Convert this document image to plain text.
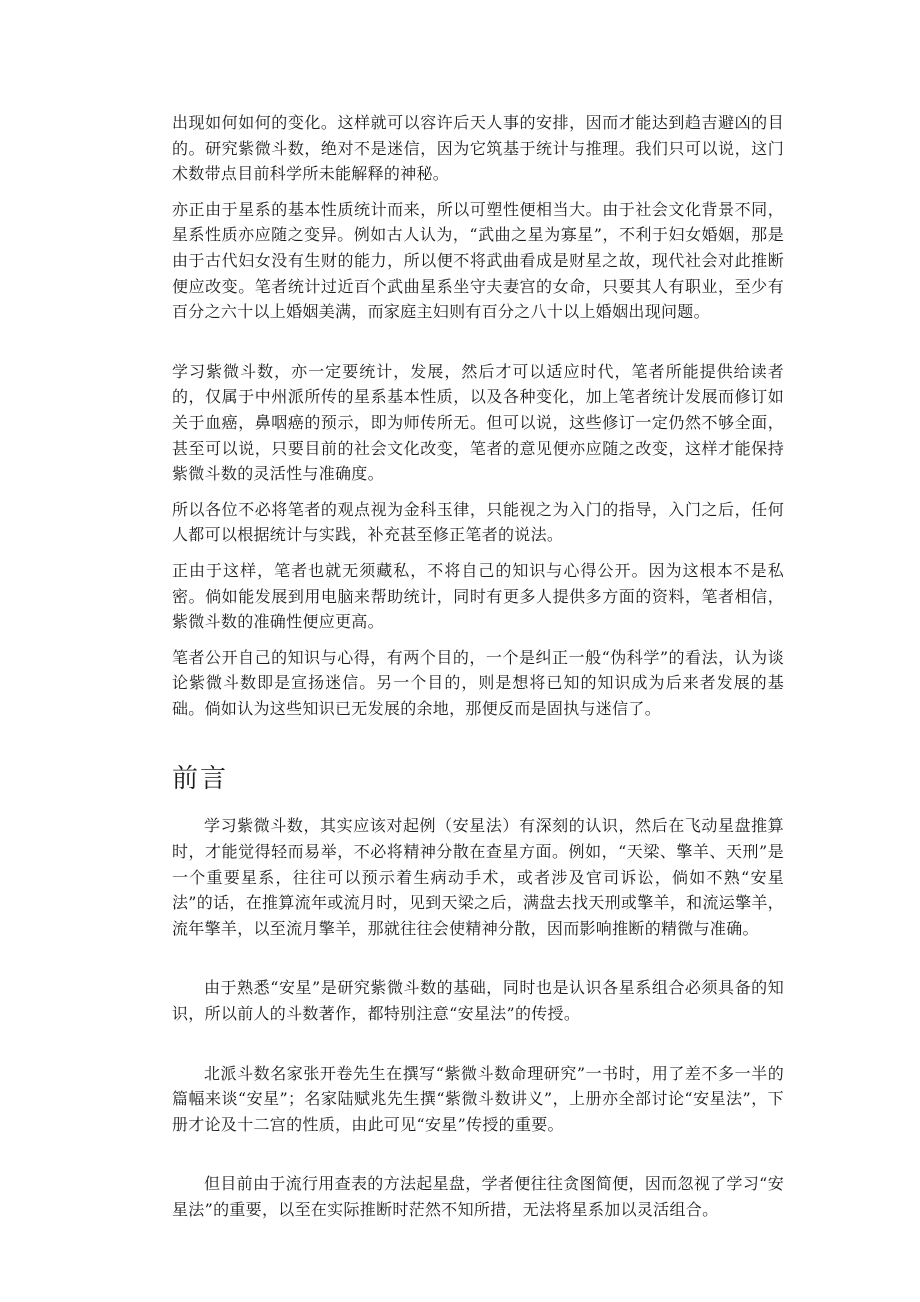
出现如何如何的变化。这样就可以容许后天人事的安排，因而才能达到趋吉避凶的目的。研究紫微斗数，绝对不是迷信，因为它筑基于统计与推理。我们只可以说，这门术数带点目前科学所未能解释的神秘。

亦正由于星系的基本性质统计而来，所以可塑性便相当大。由于社会文化背景不同，星系性质亦应随之变异。例如古人认为，“武曲之星为寡星”，不利于妇女婚姻，那是由于古代妇女没有生财的能力，所以便不将武曲看成是财星之故，现代社会对此推断便应改变。笔者统计过近百个武曲星系坐守夫妻宫的女命，只要其人有职业，至少有百分之六十以上婚姻美满，而家庭主妇则有百分之八十以上婚姻出现问题。

学习紫微斗数，亦一定要统计，发展，然后才可以适应时代，笔者所能提供给读者的，仅属于中州派所传的星系基本性质，以及各种变化，加上笔者统计发展而修订如关于血癌，鼻咽癌的预示，即为师传所无。但可以说，这些修订一定仍然不够全面，甚至可以说，只要目前的社会文化改变，笔者的意见便亦应随之改变，这样才能保持紫微斗数的灵活性与准确度。

所以各位不必将笔者的观点视为金科玉律，只能视之为入门的指导，入门之后，任何人都可以根据统计与实践，补充甚至修正笔者的说法。

正由于这样，笔者也就无须藏私，不将自己的知识与心得公开。因为这根本不是私密。倘如能发展到用电脑来帮助统计，同时有更多人提供多方面的资料，笔者相信，紫微斗数的准确性便应更高。

笔者公开自己的知识与心得，有两个目的，一个是纠正一般“伪科学”的看法，认为谈论紫微斗数即是宣扬迷信。另一个目的，则是想将已知的知识成为后来者发展的基础。倘如认为这些知识已无发展的余地，那便反而是固执与迷信了。

前言

学习紫微斗数，其实应该对起例（安星法）有深刻的认识，然后在飞动星盘推算时，才能觉得轻而易举，不必将精神分散在查星方面。例如，“天梁、擎羊、天刑”是一个重要星系，往往可以预示着生病动手术，或者涉及官司诉讼，倘如不熟“安星法”的话，在推算流年或流月时，见到天梁之后，满盘去找天刑或擎羊，和流运擎羊，流年擎羊，以至流月擎羊，那就往往会使精神分散，因而影响推断的精微与准确。

由于熟悉“安星”是研究紫微斗数的基础，同时也是认识各星系组合必须具备的知识，所以前人的斗数著作，都特别注意“安星法”的传授。

北派斗数名家张开卷先生在撰写“紫微斗数命理研究”一书时，用了差不多一半的篇幅来谈“安星”；名家陆赋兆先生撰“紫微斗数讲义”，上册亦全部讨论“安星法”，下册才论及十二宫的性质，由此可见“安星”传授的重要。

但目前由于流行用查表的方法起星盘，学者便往往贪图简便，因而忽视了学习“安星法”的重要，以至在实际推断时茫然不知所措，无法将星系加以灵活组合。
